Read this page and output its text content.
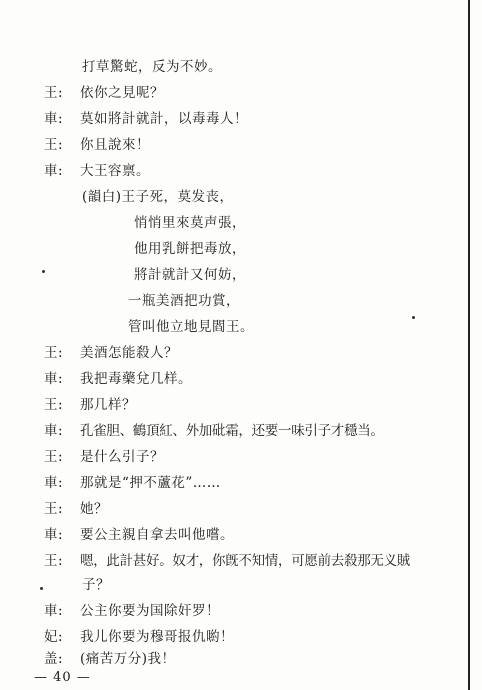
打草驚蛇，反为不妙。
王: 依你之見呢？
車: 莫如將計就計，以毒毒人！
王: 你且說來！
車: 大王容禀。
(韻白)王子死，莫发丧，
悄悄里來莫声張，
他用乳餅把毒放，
將計就計又何妨，
一瓶美酒把功賞，
管叫他立地見閻王。
王: 美酒怎能殺人？
車: 我把毒藥兌几样。
王: 那几样？
車: 孔雀胆、鶴頂紅、外加砒霜，还要一味引子才穩当。
王: 是什么引子？
車: 那就是“押不蘆花”……
王: 她？
車: 要公主親自拿去叫他嚐。
王: 嗯，此計甚好。奴才，你旣不知情，可愿前去殺那无义賊
子？
車: 公主你要为国除奸罗！
妃: 我儿你要为穆哥报仇喲！
盖: (痛苦万分)我！
— 40 —
